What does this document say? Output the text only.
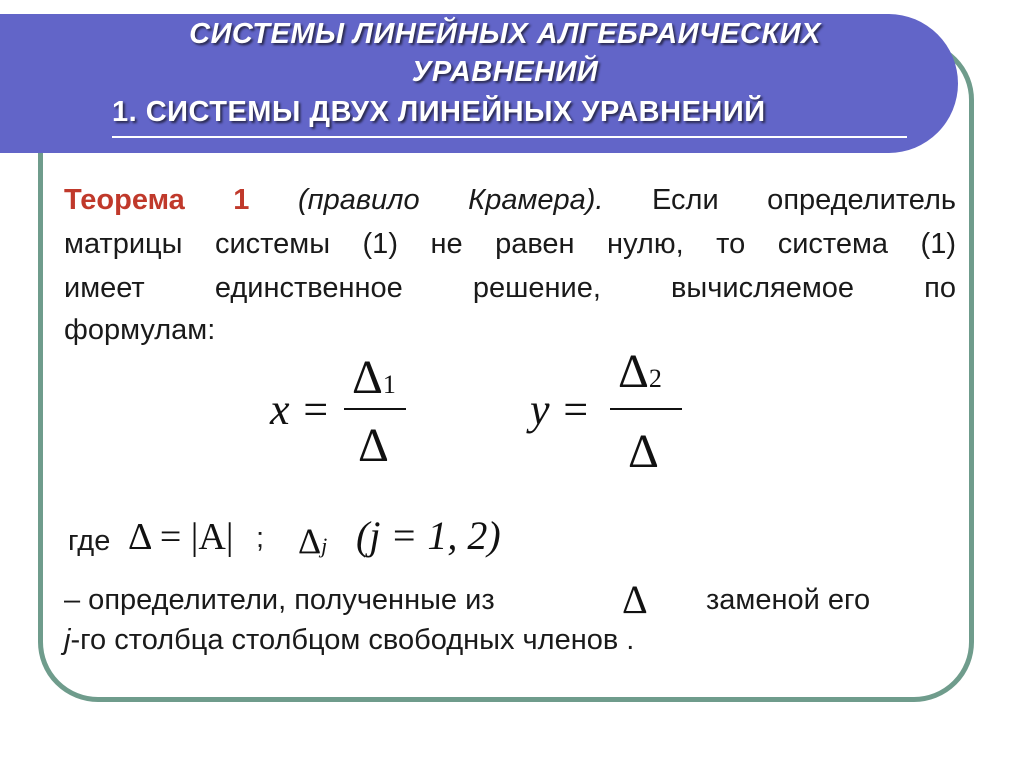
СИСТЕМЫ ЛИНЕЙНЫХ АЛГЕБРАИЧЕСКИХ
УРАВНЕНИЙ
1. СИСТЕМЫ ДВУХ ЛИНЕЙНЫХ УРАВНЕНИЙ
Теорема 1 (правило Крамера). Если определитель
матрицы системы (1) не равен нулю, то система (1)
имеет единственное решение, вычисляемое по
формулам:
x =
Δ1
Δ
y =
Δ2
Δ
где Δ = |A| ; Δj (j = 1, 2)
– определители, полученные из	Δ заменой его
j-го столбца столбцом свободных членов .
